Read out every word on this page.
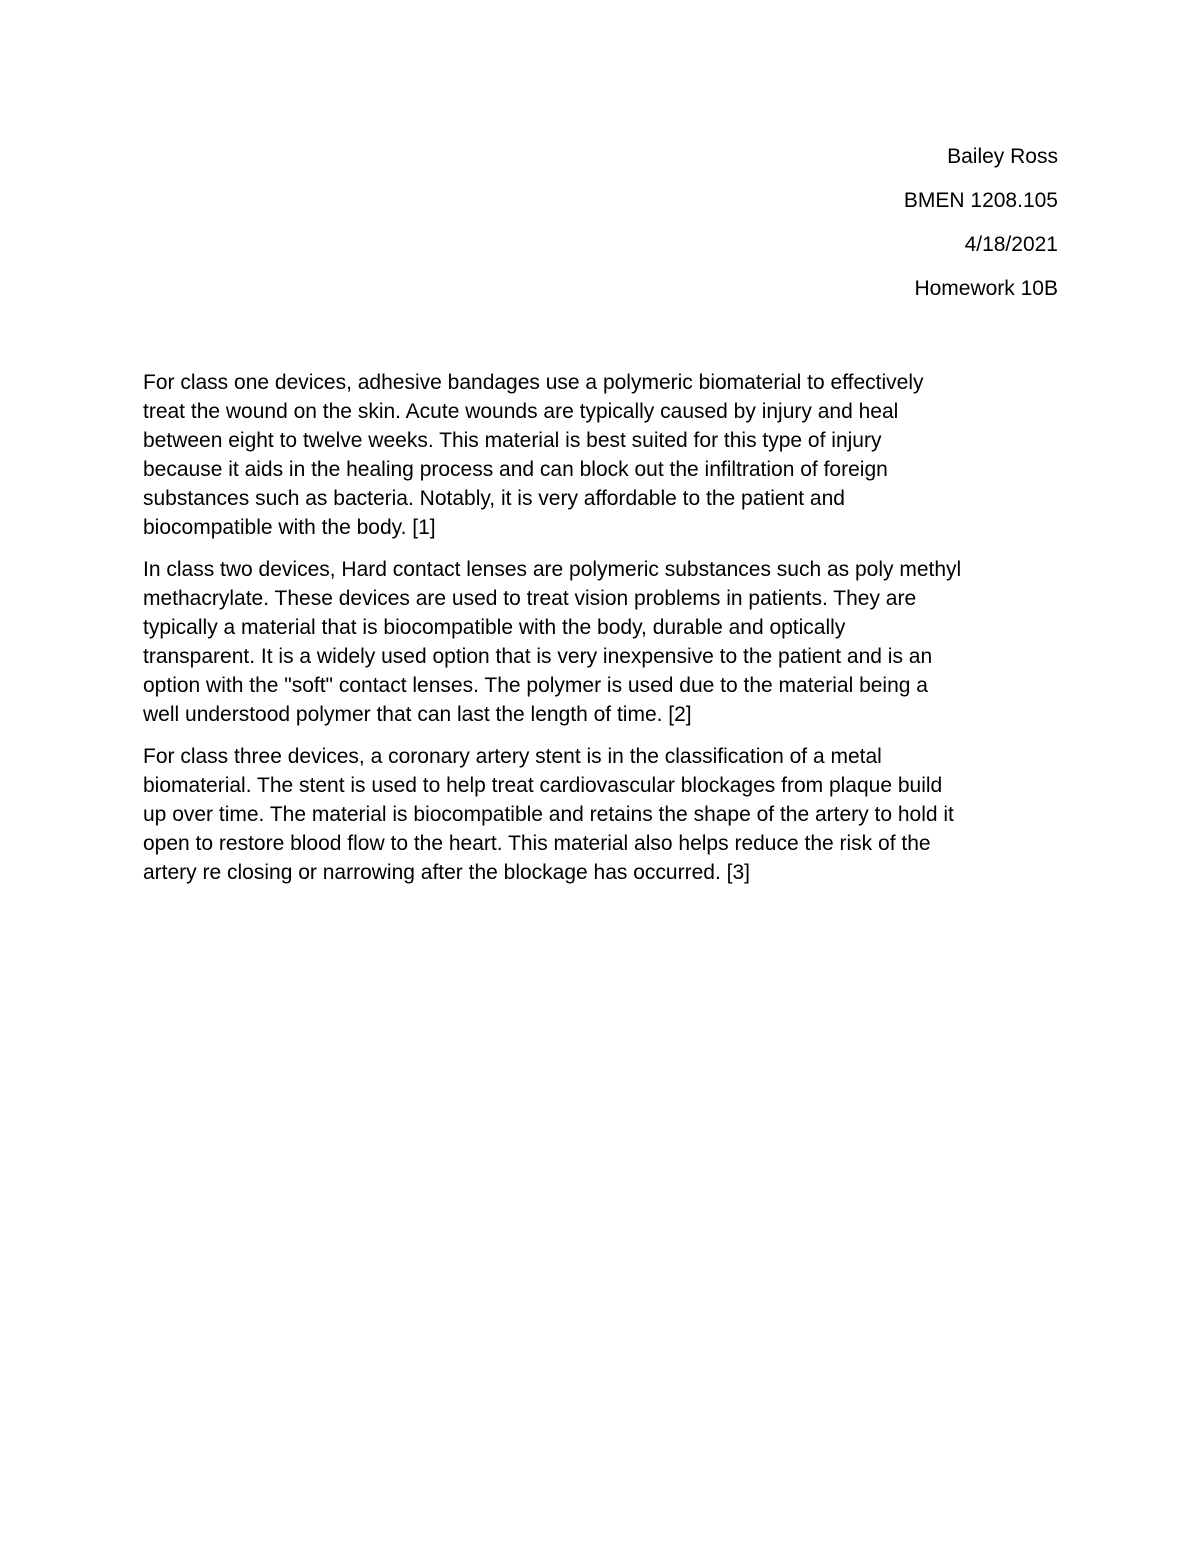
Bailey Ross
BMEN 1208.105
4/18/2021
Homework 10B

For class one devices, adhesive bandages use a polymeric biomaterial to effectively
treat the wound on the skin. Acute wounds are typically caused by injury and heal
between eight to twelve weeks. This material is best suited for this type of injury
because it aids in the healing process and can block out the infiltration of foreign
substances such as bacteria. Notably, it is very affordable to the patient and
biocompatible with the body. [1]

In class two devices, Hard contact lenses are polymeric substances such as poly methyl
methacrylate. These devices are used to treat vision problems in patients. They are
typically a material that is biocompatible with the body, durable and optically
transparent. It is a widely used option that is very inexpensive to the patient and is an
option with the "soft" contact lenses. The polymer is used due to the material being a
well understood polymer that can last the length of time. [2]

For class three devices, a coronary artery stent is in the classification of a metal
biomaterial. The stent is used to help treat cardiovascular blockages from plaque build
up over time. The material is biocompatible and retains the shape of the artery to hold it
open to restore blood flow to the heart. This material also helps reduce the risk of the
artery re closing or narrowing after the blockage has occurred. [3]
